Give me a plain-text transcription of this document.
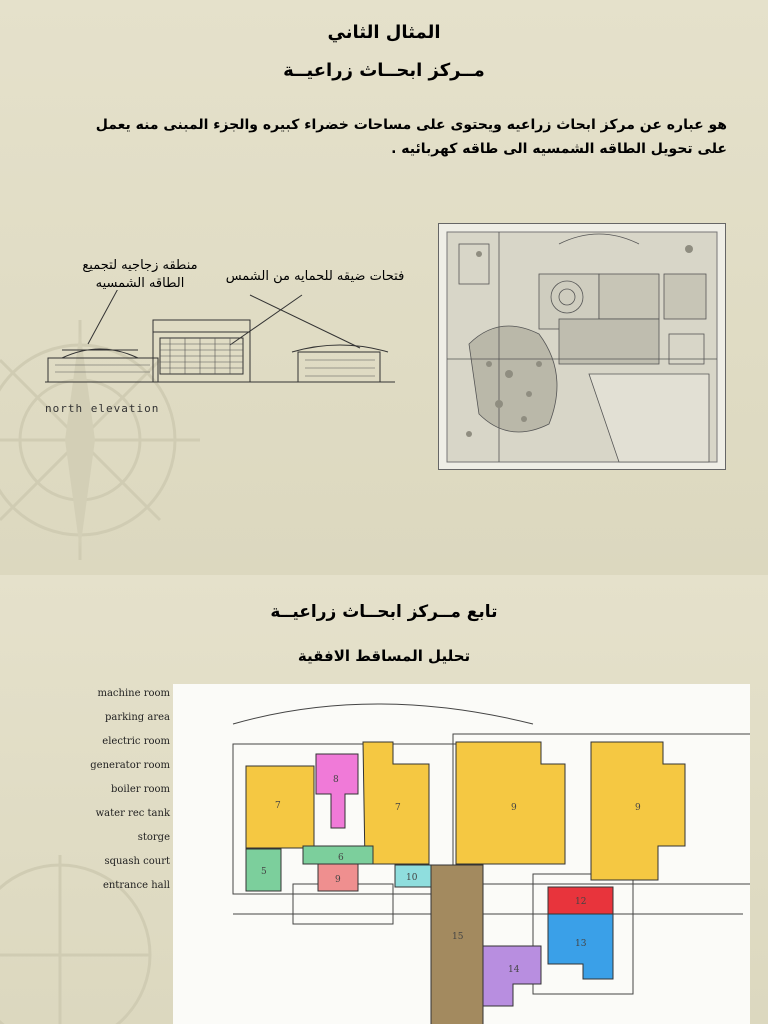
المثال الثاني
مــركز ابحــاث زراعيــة
هو عباره عن مركز ابحاث زراعيه ويحتوى على مساحات خضراء كبيره والجزء المبنى منه يعمل
على تحويل الطاقه الشمسيه الى طاقه كهربائيه .
منطقه زجاجيه لتجميع
الطاقه الشمسيه	فتحات ضيقه للحمايه من الشمس
north elevation
تابع مــركز ابحــاث زراعيــة
تحليل المساقط الافقية
machine room
parking area
electric room
generator room
boiler room
water rec tank
storge
squash court
entrance hall
7
8
7	9	9
5
6
9	10
12
13
14
15
